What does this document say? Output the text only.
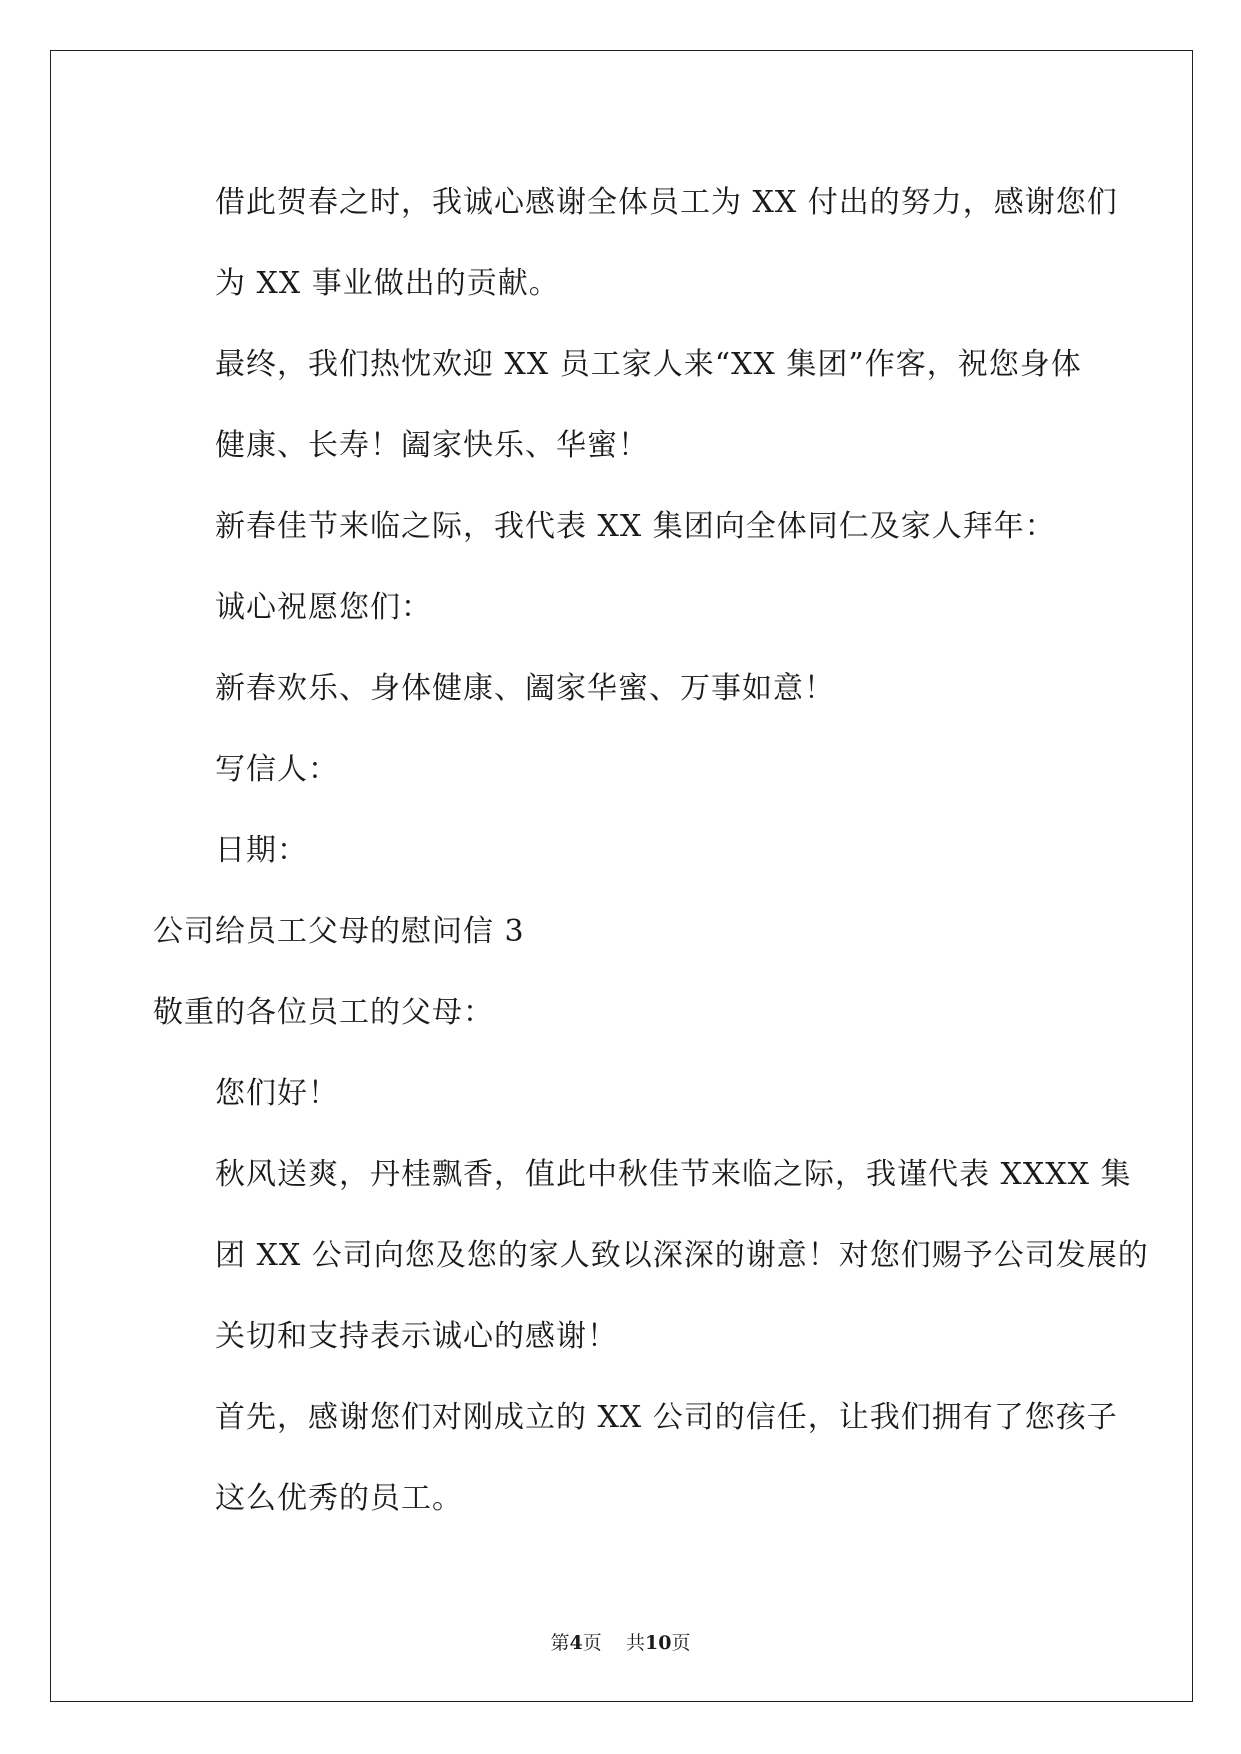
借此贺春之时，我诚心感谢全体员工为 XX 付出的努力，感谢您们
为 XX 事业做出的贡献。

最终，我们热忱欢迎 XX 员工家人来“XX 集团”作客，祝您身体
健康、长寿！阖家快乐、华蜜！

新春佳节来临之际，我代表 XX 集团向全体同仁及家人拜年：

诚心祝愿您们：

新春欢乐、身体健康、阖家华蜜、万事如意！

写信人：

日期：

公司给员工父母的慰问信 3

敬重的各位员工的父母：

您们好！

秋风送爽，丹桂飘香，值此中秋佳节来临之际，我谨代表 XXXX 集
团 XX 公司向您及您的家人致以深深的谢意！对您们赐予公司发展的
关切和支持表示诚心的感谢！

首先，感谢您们对刚成立的 XX 公司的信任，让我们拥有了您孩子
这么优秀的员工。

第4页 共10页
